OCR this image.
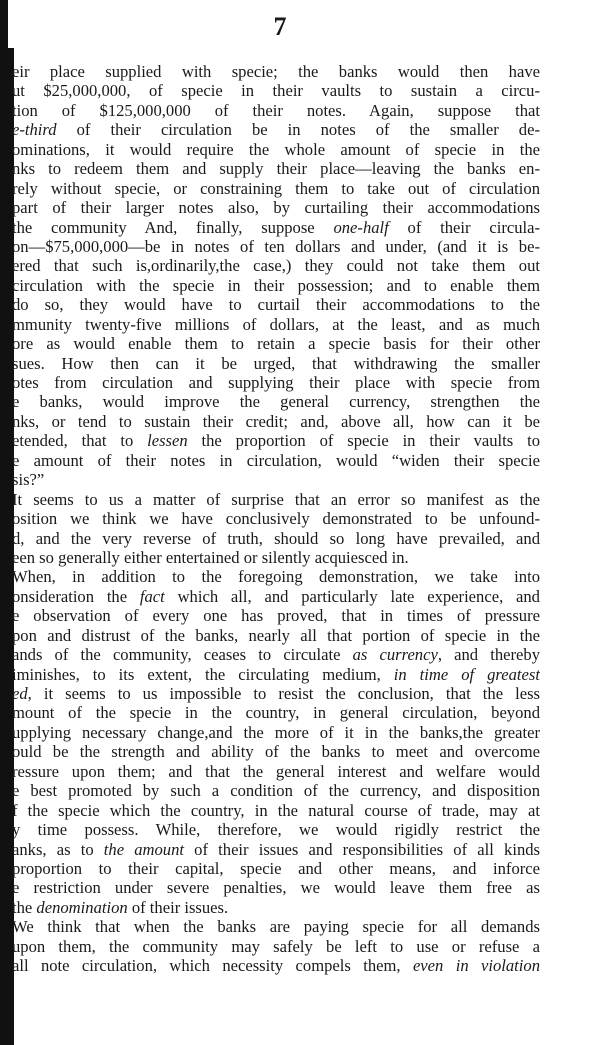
7
eir place supplied with specie; the banks would then have
ut $25,000,000, of specie in their vaults to sustain a circu-
tion of $125,000,000 of their notes. Again, suppose that
e-third of their circulation be in notes of the smaller de-
ominations, it would require the whole amount of specie in the
nks to redeem them and supply their place—leaving the banks en-
rely without specie, or constraining them to take out of circulation
part of their larger notes also, by curtailing their accommodations
the community And, finally, suppose one-half of their circula-
on—$75,000,000—be in notes of ten dollars and under, (and it is be-
ered that such is,ordinarily,the case,) they could not take them out
circulation with the specie in their possession; and to enable them
do so, they would have to curtail their accommodations to the
mmunity twenty-five millions of dollars, at the least, and as much
ore as would enable them to retain a specie basis for their other
sues. How then can it be urged, that withdrawing the smaller
otes from circulation and supplying their place with specie from
e banks, would improve the general currency, strengthen the
nks, or tend to sustain their credit; and, above all, how can it be
etended, that to lessen the proportion of specie in their vaults to
e amount of their notes in circulation, would “widen their specie
sis?”
It seems to us a matter of surprise that an error so manifest as the
osition we think we have conclusively demonstrated to be unfound-
d, and the very reverse of truth, should so long have prevailed, and
een so generally either entertained or silently acquiesced in.
When, in addition to the foregoing demonstration, we take into
onsideration the fact which all, and particularly late experience, and
e observation of every one has proved, that in times of pressure
pon and distrust of the banks, nearly all that portion of specie in the
ands of the community, ceases to circulate as currency, and thereby
iminishes, to its extent, the circulating medium, in time of greatest
ed, it seems to us impossible to resist the conclusion, that the less
mount of the specie in the country, in general circulation, beyond
upplying necessary change,and the more of it in the banks,the greater
ould be the strength and ability of the banks to meet and overcome
ressure upon them; and that the general interest and welfare would
e best promoted by such a condition of the currency, and disposition
f the specie which the country, in the natural course of trade, may at
y time possess. While, therefore, we would rigidly restrict the
anks, as to the amount of their issues and responsibilities of all kinds
proportion to their capital, specie and other means, and inforce
e restriction under severe penalties, we would leave them free as
the denomination of their issues.
We think that when the banks are paying specie for all demands
upon them, the community may safely be left to use or refuse a
all note circulation, which necessity compels them, even in violation
